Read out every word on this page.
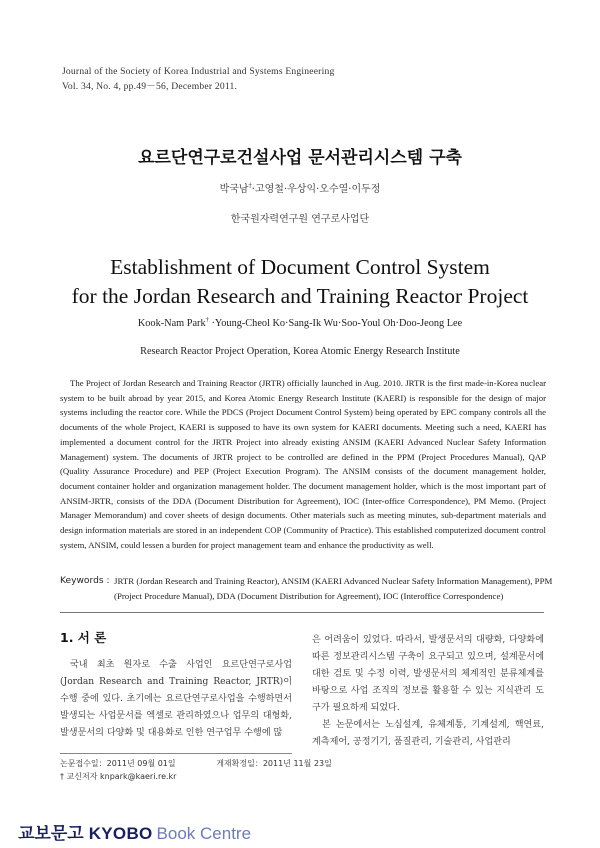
Journal of the Society of Korea Industrial and Systems Engineering
Vol. 34, No. 4, pp.49－56, December 2011.
요르단연구로건설사업 문서관리시스템 구축
박국남†·고영철·우상익·오수열·이두정
한국원자력연구원 연구로사업단
Establishment of Document Control System
for the Jordan Research and Training Reactor Project
Kook-Nam Park† ·Young-Cheol Ko·Sang-Ik Wu·Soo-Youl Oh·Doo-Jeong Lee
Research Reactor Project Operation, Korea Atomic Energy Research Institute

The Project of Jordan Research and Training Reactor (JRTR) officially launched in Aug. 2010. JRTR is the first made-in-Korea nuclear system to be built abroad by year 2015, and Korea Atomic Energy Research Institute (KAERI) is responsible for the design of major systems including the reactor core. While the PDCS (Project Document Control System) being operated by EPC company controls all the documents of the whole Project, KAERI is supposed to have its own system for KAERI documents. Meeting such a need, KAERI has implemented a document control for the JRTR Project into already existing ANSIM (KAERI Advanced Nuclear Safety Information Management) system. The documents of JRTR project to be controlled are defined in the PPM (Project Procedures Manual), QAP (Quality Assurance Procedure) and PEP (Project Execution Program). The ANSIM consists of the document management holder, document container holder and organization management holder. The document management holder, which is the most important part of ANSIM-JRTR, consists of the DDA (Document Distribution for Agreement), IOC (Inter-office Correspondence), PM Memo. (Project Manager Memorandum) and cover sheets of design documents. Other materials such as meeting minutes, sub-department materials and design information materials are stored in an independent COP (Community of Practice). This established computerized document control system, ANSIM, could lessen a burden for project management team and enhance the productivity as well.

Keywords : JRTR (Jordan Research and Training Reactor), ANSIM (KAERI Advanced Nuclear Safety Information Management), PPM (Project Procedure Manual), DDA (Document Distribution for Agreement), IOC (Interoffice Correspondence)
1. 서 론

국내 최초 원자로 수출 사업인 요르단연구로사업(Jordan Research and Training Reactor, JRTR)이 수행 중에 있다. 초기에는 요르단연구로사업을 수행하면서 발생되는 사업문서를 엑셀로 관리하였으나 업무의 대형화, 발생문서의 다양화 및 대용화로 인한 연구업무 수행에 많

은 어려움이 있었다. 따라서, 발생문서의 대량화, 다양화에 따른 정보관리시스템 구축이 요구되고 있으며, 설계문서에 대한 검토 및 수정 이력, 발생문서의 체계적인 분류체계를 바탕으로 사업 조직의 정보를 활용할 수 있는 지식관리 도구가 필요하게 되었다.

본 논문에서는 노심설계, 유체계통, 기계설계, 핵연료, 계측제어, 공정기기, 품질관리, 기술관리, 사업관리

논문접수일：2011년 09월 01일	게재확정일：2011년 11월 23일
† 교신저자 knpark@kaeri.re.kr
교보문고 KYOBO Book Centre
